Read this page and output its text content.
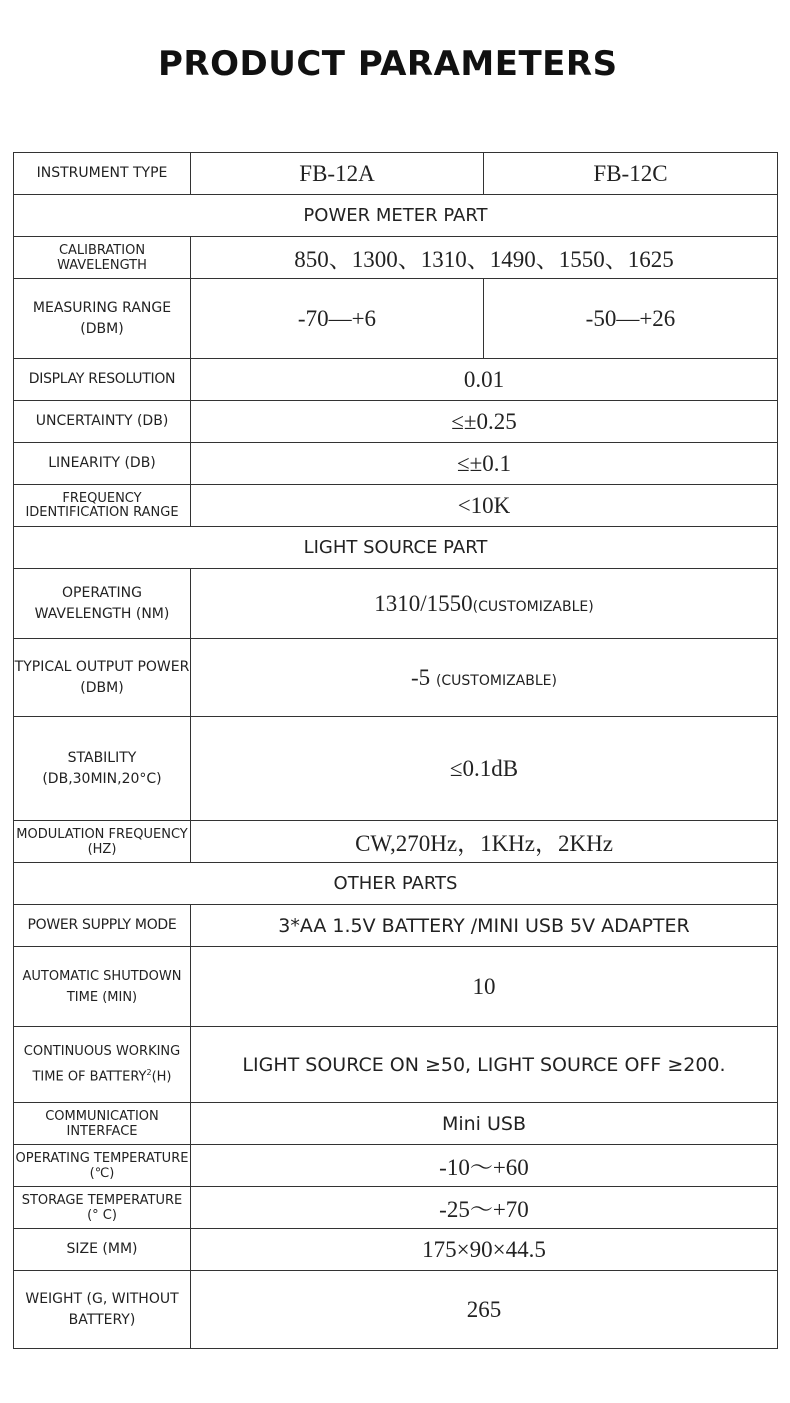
PRODUCT PARAMETERS
INSTRUMENT TYPE	FB-12A	FB-12C
POWER METER PART		
CALIBRATION WAVELENGTH	850、1300、1310、1490、1550、1625	
MEASURING RANGE (DBM)	-70—+6	-50—+26
DISPLAY RESOLUTION	0.01	
UNCERTAINTY (DB)	≤±0.25	
LINEARITY (DB)	≤±0.1	
FREQUENCY IDENTIFICATION RANGE	<10K	
LIGHT SOURCE PART		
OPERATING WAVELENGTH (NM)	1310/1550(CUSTOMIZABLE)	
TYPICAL OUTPUT POWER (DBM)	-5 (CUSTOMIZABLE)	
STABILITY (DB,30MIN,20°C)	≤0.1dB	
MODULATION FREQUENCY (HZ)	CW,270Hz，1KHz，2KHz	
OTHER PARTS		
POWER SUPPLY MODE	3*AA 1.5V BATTERY /MINI USB 5V ADAPTER	
AUTOMATIC SHUTDOWN TIME (MIN)	10	
CONTINUOUS WORKING
TIME OF BATTERY$^2$(H)	LIGHT SOURCE ON ≥50, LIGHT SOURCE OFF ≥200.	
COMMUNICATION INTERFACE	Mini USB	
OPERATING TEMPERATURE (℃)	-10～+60	
STORAGE TEMPERATURE (° C)	-25～+70	
SIZE (MM)	175×90×44.5	
WEIGHT (G, WITHOUT BATTERY)	265	
